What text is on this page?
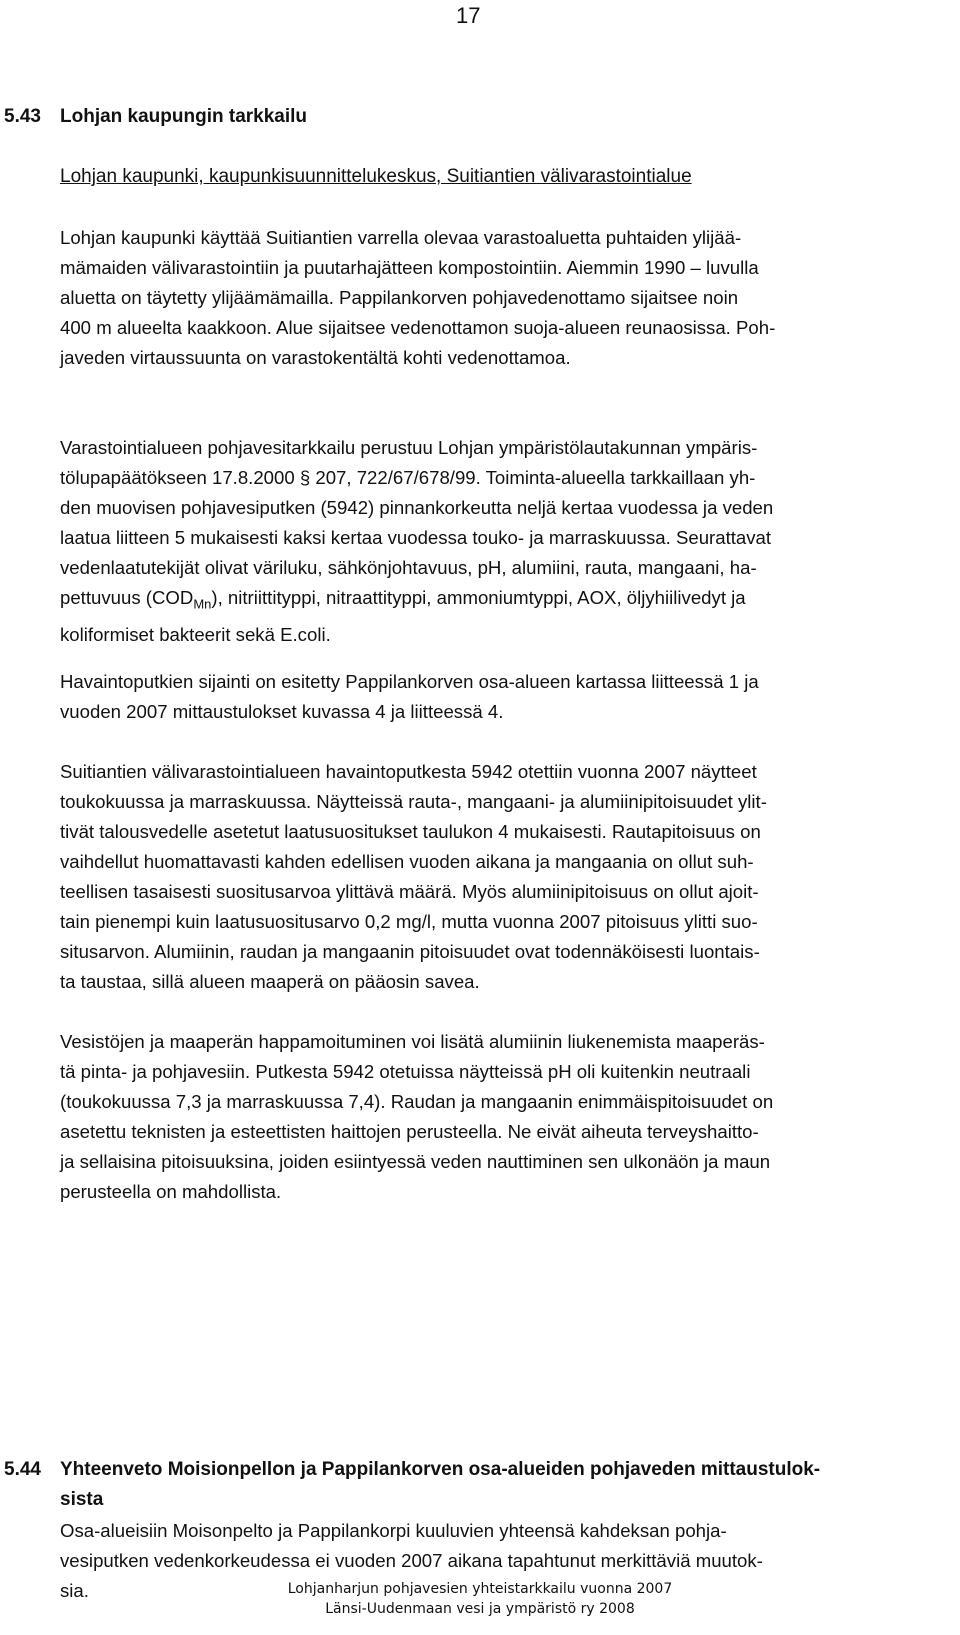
17
5.43	Lohjan kaupungin tarkkailu
Lohjan kaupunki, kaupunkisuunnittelukeskus, Suitiantien välivarastointialue
Lohjan kaupunki käyttää Suitiantien varrella olevaa varastoaluetta puhtaiden ylijää-
mämaiden välivarastointiin ja puutarhajätteen kompostointiin. Aiemmin 1990 – luvulla
aluetta on täytetty ylijäämämailla. Pappilankorven pohjavedenottamo sijaitsee noin
400 m alueelta kaakkoon. Alue sijaitsee vedenottamon suoja-alueen reunaosissa. Poh-
javeden virtaussuunta on varastokentältä kohti vedenottamoa.
Varastointialueen pohjavesitarkkailu perustuu Lohjan ympäristölautakunnan ympäris-
tölupapäätökseen 17.8.2000 § 207, 722/67/678/99. Toiminta-alueella tarkkaillaan yh-
den muovisen pohjavesiputken (5942) pinnankorkeutta neljä kertaa vuodessa ja veden
laatua liitteen 5 mukaisesti kaksi kertaa vuodessa touko- ja marraskuussa. Seurattavat
vedenlaatutekijät olivat väriluku, sähkönjohtavuus, pH, alumiini, rauta, mangaani, ha-
pettuvuus $(COD_{Mn})$, nitriittityppi, nitraattityppi, ammoniumtyppi, AOX, öljyhiilivedyt ja
koliformiset bakteerit sekä E.coli.
Havaintoputkien sijainti on esitetty Pappilankorven osa-alueen kartassa liitteessä 1 ja
vuoden 2007 mittaustulokset kuvassa 4 ja liitteessä 4.
Suitiantien välivarastointialueen havaintoputkesta 5942 otettiin vuonna 2007 näytteet
toukokuussa ja marraskuussa. Näytteissä rauta-, mangaani- ja alumiinipitoisuudet ylit-
tivät talousvedelle asetetut laatusuositukset taulukon 4 mukaisesti. Rautapitoisuus on
vaihdellut huomattavasti kahden edellisen vuoden aikana ja mangaania on ollut suh-
teellisen tasaisesti suositusarvoa ylittävä määrä. Myös alumiinipitoisuus on ollut ajoit-
tain pienempi kuin laatusuositusarvo 0,2 mg/l, mutta vuonna 2007 pitoisuus ylitti suo-
situsarvon. Alumiinin, raudan ja mangaanin pitoisuudet ovat todennäköisesti luontais-
ta taustaa, sillä alueen maaperä on pääosin savea.
Vesistöjen ja maaperän happamoituminen voi lisätä alumiinin liukenemista maaperäs-
tä pinta- ja pohjavesiin. Putkesta 5942 otetuissa näytteissä pH oli kuitenkin neutraali
(toukokuussa 7,3 ja marraskuussa 7,4). Raudan ja mangaanin enimmäispitoisuudet on
asetettu teknisten ja esteettisten haittojen perusteella. Ne eivät aiheuta terveyshaitto-
ja sellaisina pitoisuuksina, joiden esiintyessä veden nauttiminen sen ulkonäön ja maun
perusteella on mahdollista.
5.44	Yhteenveto Moisionpellon ja Pappilankorven osa-alueiden pohjaveden mittaustulok-
sista
Osa-alueisiin Moisonpelto ja Pappilankorpi kuuluvien yhteensä kahdeksan pohja-
vesiputken vedenkorkeudessa ei vuoden 2007 aikana tapahtunut merkittäviä muutok-
sia.	Lohjanharjun pohjavesien yhteistarkkailu vuonna 2007
Länsi-Uudenmaan vesi ja ympäristö ry 2008
